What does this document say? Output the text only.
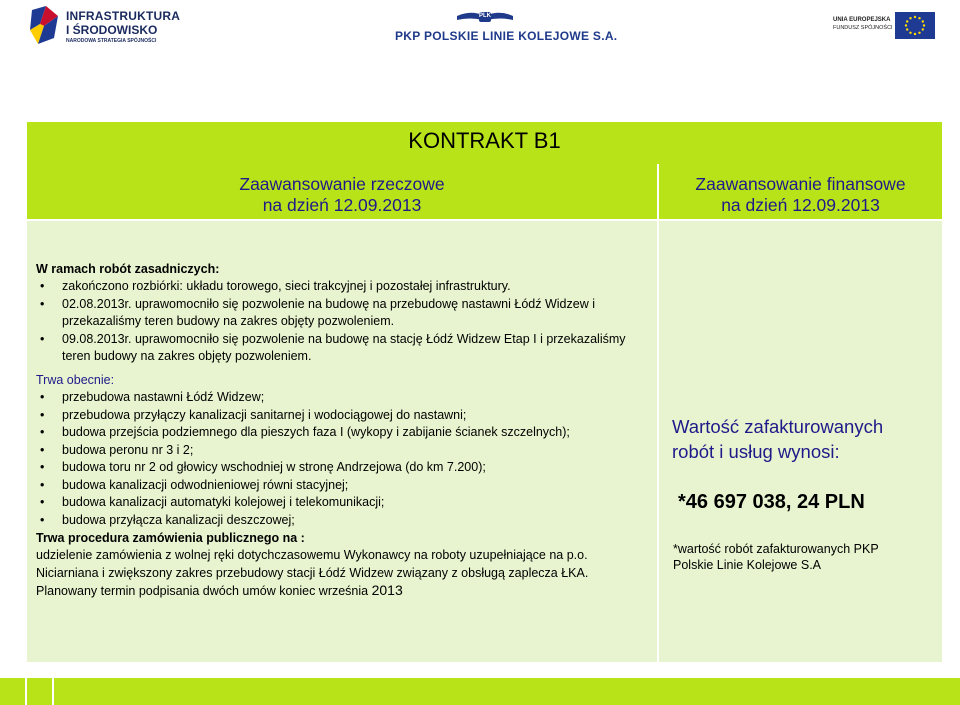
INFRASTRUKTURA
I ŚRODOWISKO
NARODOWA STRATEGIA SPÓJNOŚCI
PLK
PKP POLSKIE LINIE KOLEJOWE S.A.
UNIA EUROPEJSKA
FUNDUSZ SPÓJNOŚCI
KONTRAKT B1
Zaawansowanie rzeczowe
na dzień 12.09.2013
Zaawansowanie finansowe
na dzień 12.09.2013
W ramach robót zasadniczych:
• zakończono rozbiórki: układu torowego, sieci trakcyjnej i pozostałej infrastruktury.
• 02.08.2013r. uprawomocniło się pozwolenie na budowę na przebudowę nastawni Łódź Widzew i przekazaliśmy teren budowy na zakres objęty pozwoleniem.
• 09.08.2013r. uprawomocniło się pozwolenie na budowę na stację Łódź Widzew Etap I i przekazaliśmy teren budowy na zakres objęty pozwoleniem.
Trwa obecnie:
• przebudowa nastawni Łódź Widzew;
• przebudowa przyłączy kanalizacji sanitarnej i wodociągowej do nastawni;
• budowa przejścia podziemnego dla pieszych faza I (wykopy i zabijanie ścianek szczelnych);
• budowa peronu nr 3 i 2;
• budowa toru nr 2 od głowicy wschodniej w stronę Andrzejowa (do km 7.200);
• budowa kanalizacji odwodnieniowej równi stacyjnej;
• budowa kanalizacji automatyki kolejowej i telekomunikacji;
• budowa przyłącza kanalizacji deszczowej;
Trwa procedura zamówienia publicznego na :
udzielenie zamówienia z wolnej ręki dotychczasowemu Wykonawcy na roboty uzupełniające na p.o.
Niciarniana i zwiększony zakres przebudowy stacji Łódź Widzew związany z obsługą zaplecza ŁKA.
Planowany termin podpisania dwóch umów koniec września 2013
Wartość zafakturowanych
robót i usług wynosi:
*46 697 038, 24 PLN
*wartość robót zafakturowanych PKP
Polskie Linie Kolejowe S.A
